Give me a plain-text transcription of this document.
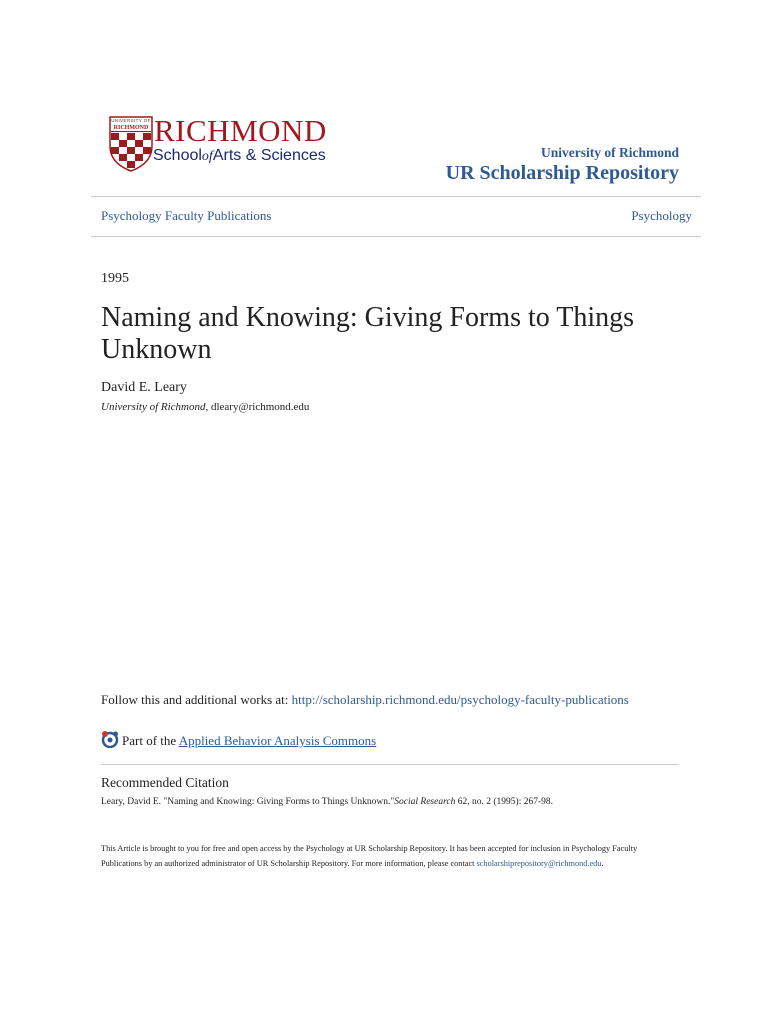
UNIVERSITY OF
RICHMOND RICHMOND
SchoolofArts & Sciences	University of Richmond
UR Scholarship Repository
Psychology Faculty Publications	Psychology
1995
Naming and Knowing: Giving Forms to Things Unknown
David E. Leary
University of Richmond, dleary@richmond.edu
Follow this and additional works at: http://scholarship.richmond.edu/psychology-faculty-publications
Part of the Applied Behavior Analysis Commons
Recommended Citation
Leary, David E. "Naming and Knowing: Giving Forms to Things Unknown."Social Research 62, no. 2 (1995): 267-98.
This Article is brought to you for free and open access by the Psychology at UR Scholarship Repository. It has been accepted for inclusion in Psychology Faculty Publications by an authorized administrator of UR Scholarship Repository. For more information, please contact scholarshiprepository@richmond.edu.
